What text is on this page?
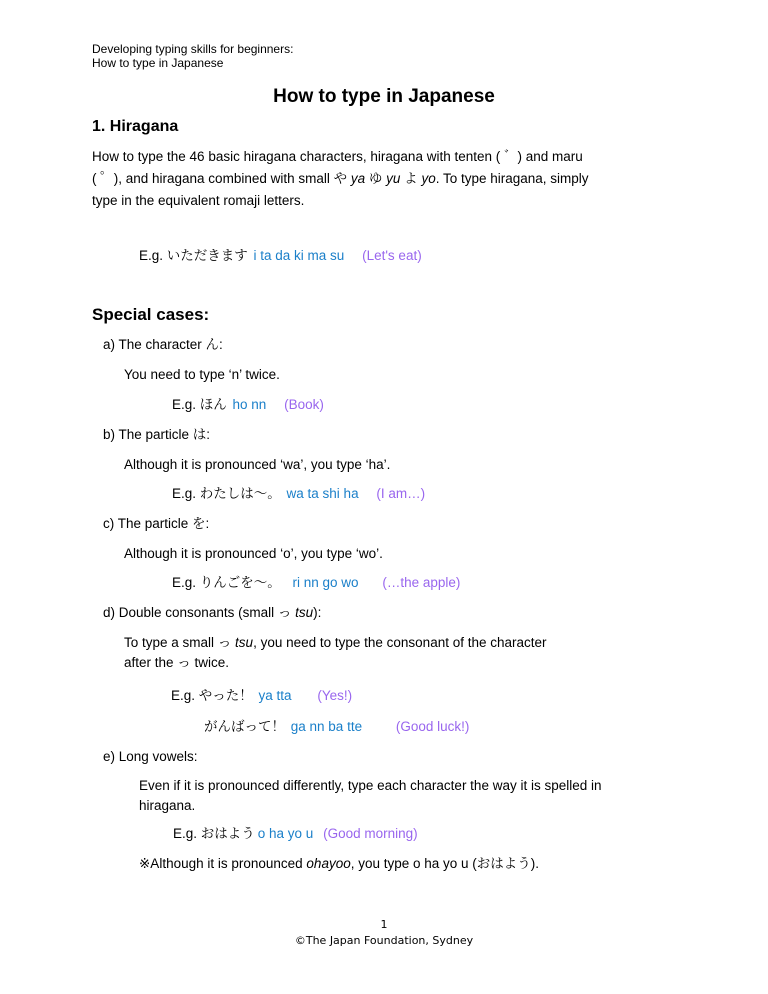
Developing typing skills for beginners:
How to type in Japanese
How to type in Japanese
1. Hiragana
How to type the 46 basic hiragana characters, hiragana with tenten ( ゛) and maru
( ゜), and hiragana combined with small や ya ゆ yu よ yo. To type hiragana, simply
type in the equivalent romaji letters.
E.g. いただきます i ta da ki ma su (Let's eat)
Special cases:
a) The character ん:
You need to type ‘n’ twice.
E.g. ほん ho nn (Book)
b) The particle は:
Although it is pronounced ‘wa’, you type ‘ha’.
E.g. わたしは～。 wa ta shi ha (I am…)
c) The particle を:
Although it is pronounced ‘o’, you type ‘wo’.
E.g. りんごを～。 ri nn go wo (…the apple)
d) Double consonants (small っ tsu):
To type a small っ tsu, you need to type the consonant of the character
after the っ twice.
E.g. やった！ ya tta (Yes!)
がんばって！ ga nn ba tte	(Good luck!)
e) Long vowels:
Even if it is pronounced differently, type each character the way it is spelled in
hiragana.
E.g. おはよう o ha yo u (Good morning)
※Although it is pronounced ohayoo, you type o ha yo u (おはよう).
1
©The Japan Foundation, Sydney
